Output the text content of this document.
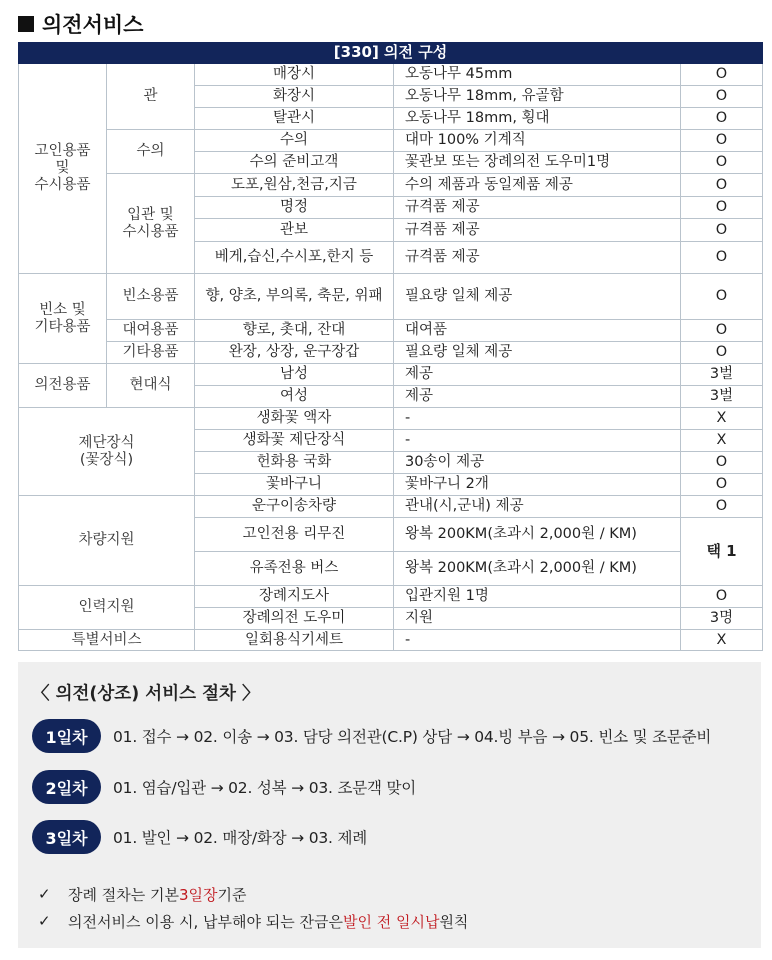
의전서비스
[330] 의전 구성				
고인용품
및
수시용품	관	매장시	오동나무 45mm	O
		화장시	오동나무 18mm, 유골함	O
		탈관시	오동나무 18mm, 횡대	O
	수의	수의	대마 100% 기계직	O
		수의 준비고객	꽃관보 또는 장례의전 도우미1명	O
	입관 및
수시용품	도포,원삼,천금,지금	수의 제품과 동일제품 제공	O
		명정	규격품 제공	O
		관보	규격품 제공	O
		베게,습신,수시포,한지 등	규격품 제공	O
빈소 및
기타용품	빈소용품	향, 양초, 부의록, 축문, 위패	필요량 일체 제공	O
	대여용품	향로, 촛대, 잔대	대여품	O
	기타용품	완장, 상장, 운구장갑	필요량 일체 제공	O
의전용품	현대식	남성	제공	3벌
		여성	제공	3벌
제단장식
(꽃장식)		생화꽃 액자	-	X
		생화꽃 제단장식	-	X
		헌화용 국화	30송이 제공	O
		꽃바구니	꽃바구니 2개	O
차량지원		운구이송차량	관내(시,군내) 제공	O
		고인전용 리무진	왕복 200KM(초과시 2,000원 / KM)	택 1
		유족전용 버스	왕복 200KM(초과시 2,000원 / KM)	
인력지원		장례지도사	입관지원 1명	O
		장례의전 도우미	지원	3명
특별서비스		일회용식기세트	-	X
〈 의전(상조) 서비스 절차 〉
1일차	01. 접수 → 02. 이송 → 03. 담당 의전관(C.P) 상담 → 04.빙 부음 → 05. 빈소 및 조문준비
2일차	01. 염습/입관 → 02. 성복 → 03. 조문객 맞이
3일차	01. 발인 → 02. 매장/화장 → 03. 제례
✓	장례 절차는 기본 3일장 기준
✓	의전서비스 이용 시, 납부해야 되는 잔금은 발인 전 일시납 원칙
